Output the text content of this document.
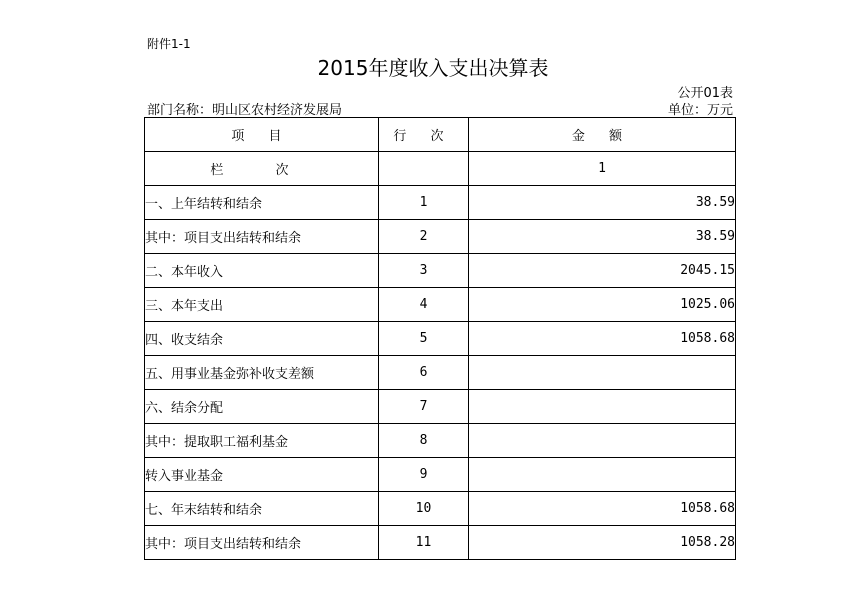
附件1-1
2015年度收入支出决算表
公开01表
部门名称：明山区农村经济发展局	单位：万元
项 目	行 次	金 额
栏 次		1
一、上年结转和结余	1	38.59
其中：项目支出结转和结余	2	38.59
二、本年收入	3	2045.15
三、本年支出	4	1025.06
四、收支结余	5	1058.68
五、用事业基金弥补收支差额	6	
六、结余分配	7	
其中：提取职工福利基金	8	
转入事业基金	9	
七、年末结转和结余	10	1058.68
其中：项目支出结转和结余	11	1058.28
